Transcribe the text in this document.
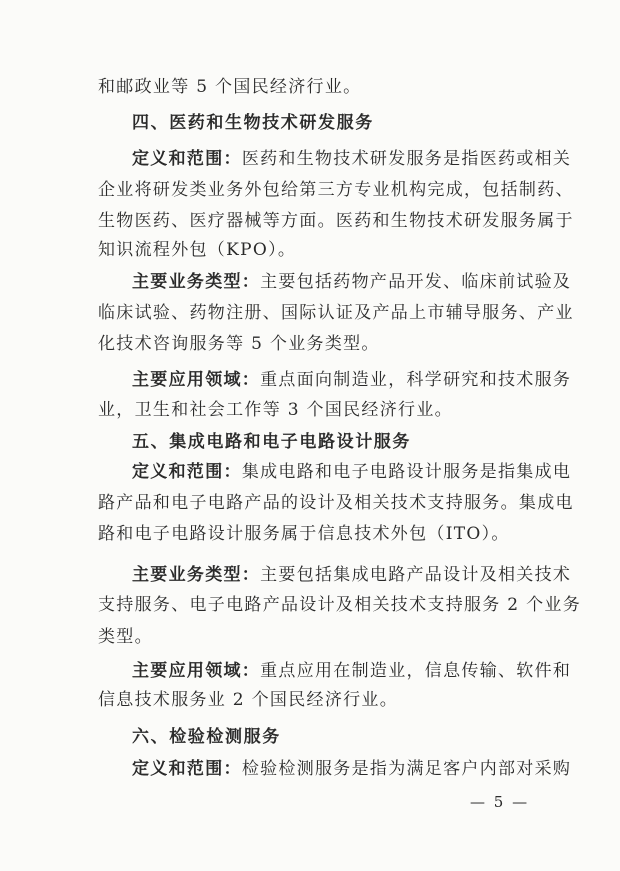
和邮政业等 5 个国民经济行业。
四、医药和生物技术研发服务
定义和范围：医药和生物技术研发服务是指医药或相关
企业将研发类业务外包给第三方专业机构完成，包括制药、
生物医药、医疗器械等方面。医药和生物技术研发服务属于
知识流程外包（KPO）。
主要业务类型：主要包括药物产品开发、临床前试验及
临床试验、药物注册、国际认证及产品上市辅导服务、产业
化技术咨询服务等 5 个业务类型。
主要应用领域：重点面向制造业，科学研究和技术服务
业，卫生和社会工作等 3 个国民经济行业。
五、集成电路和电子电路设计服务
定义和范围：集成电路和电子电路设计服务是指集成电
路产品和电子电路产品的设计及相关技术支持服务。集成电
路和电子电路设计服务属于信息技术外包（ITO）。
主要业务类型：主要包括集成电路产品设计及相关技术
支持服务、电子电路产品设计及相关技术支持服务 2 个业务
类型。
主要应用领域：重点应用在制造业，信息传输、软件和
信息技术服务业 2 个国民经济行业。
六、检验检测服务
定义和范围：检验检测服务是指为满足客户内部对采购
— 5 —
